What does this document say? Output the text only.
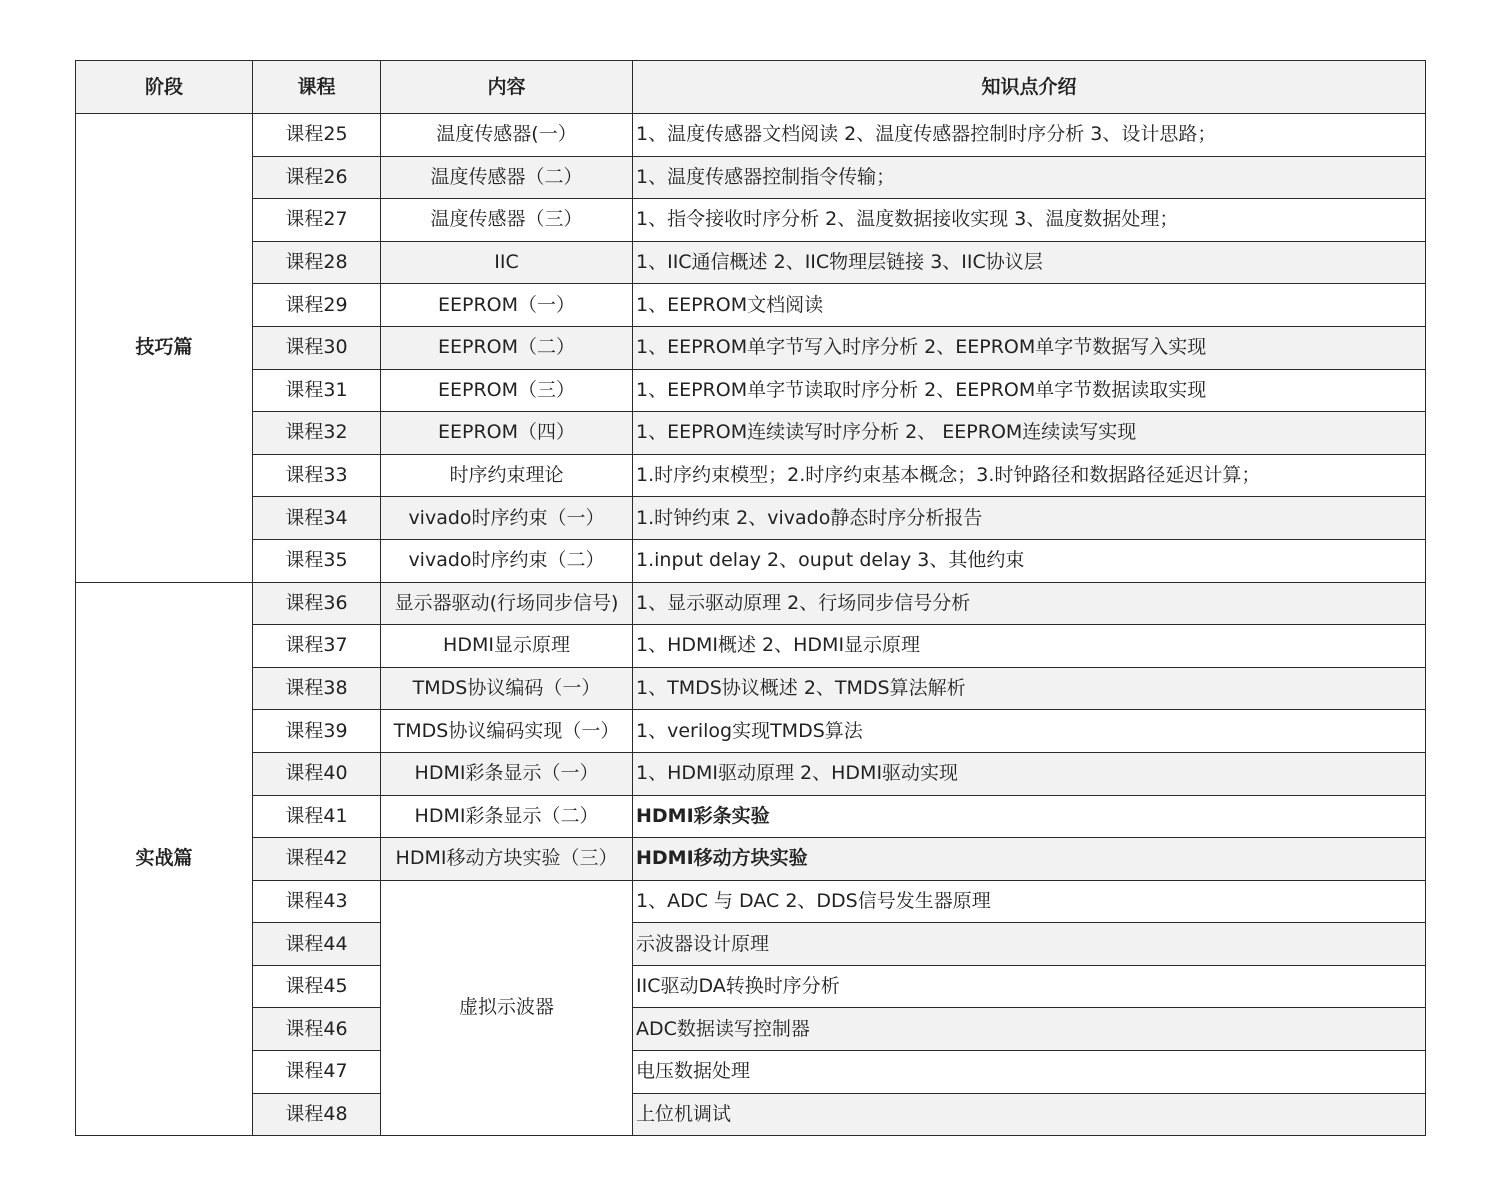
阶段	课程	内容	知识点介绍
技巧篇	课程25	温度传感器(一）	1、温度传感器文档阅读 2、温度传感器控制时序分析 3、设计思路；
	课程26	温度传感器（二）	1、温度传感器控制指令传输；
	课程27	温度传感器（三）	1、指令接收时序分析 2、温度数据接收实现 3、温度数据处理；
	课程28	IIC	1、IIC通信概述 2、IIC物理层链接 3、IIC协议层
	课程29	EEPROM（一）	1、EEPROM文档阅读
	课程30	EEPROM（二）	1、EEPROM单字节写入时序分析 2、EEPROM单字节数据写入实现
	课程31	EEPROM（三）	1、EEPROM单字节读取时序分析 2、EEPROM单字节数据读取实现
	课程32	EEPROM（四）	1、EEPROM连续读写时序分析 2、 EEPROM连续读写实现
	课程33	时序约束理论	1.时序约束模型；2.时序约束基本概念；3.时钟路径和数据路径延迟计算；
	课程34	vivado时序约束（一）	1.时钟约束 2、vivado静态时序分析报告
	课程35	vivado时序约束（二）	1.input delay 2、ouput delay 3、其他约束
实战篇	课程36	显示器驱动(行场同步信号)	1、显示驱动原理 2、行场同步信号分析
	课程37	HDMI显示原理	1、HDMI概述 2、HDMI显示原理
	课程38	TMDS协议编码（一）	1、TMDS协议概述 2、TMDS算法解析
	课程39	TMDS协议编码实现（一）	1、verilog实现TMDS算法
	课程40	HDMI彩条显示（一）	1、HDMI驱动原理 2、HDMI驱动实现
	课程41	HDMI彩条显示（二）	HDMI彩条实验
	课程42	HDMI移动方块实验（三）	HDMI移动方块实验
	课程43	虚拟示波器	1、ADC 与 DAC 2、DDS信号发生器原理
	课程44		示波器设计原理
	课程45		IIC驱动DA转换时序分析
	课程46		ADC数据读写控制器
	课程47		电压数据处理
	课程48		上位机调试
